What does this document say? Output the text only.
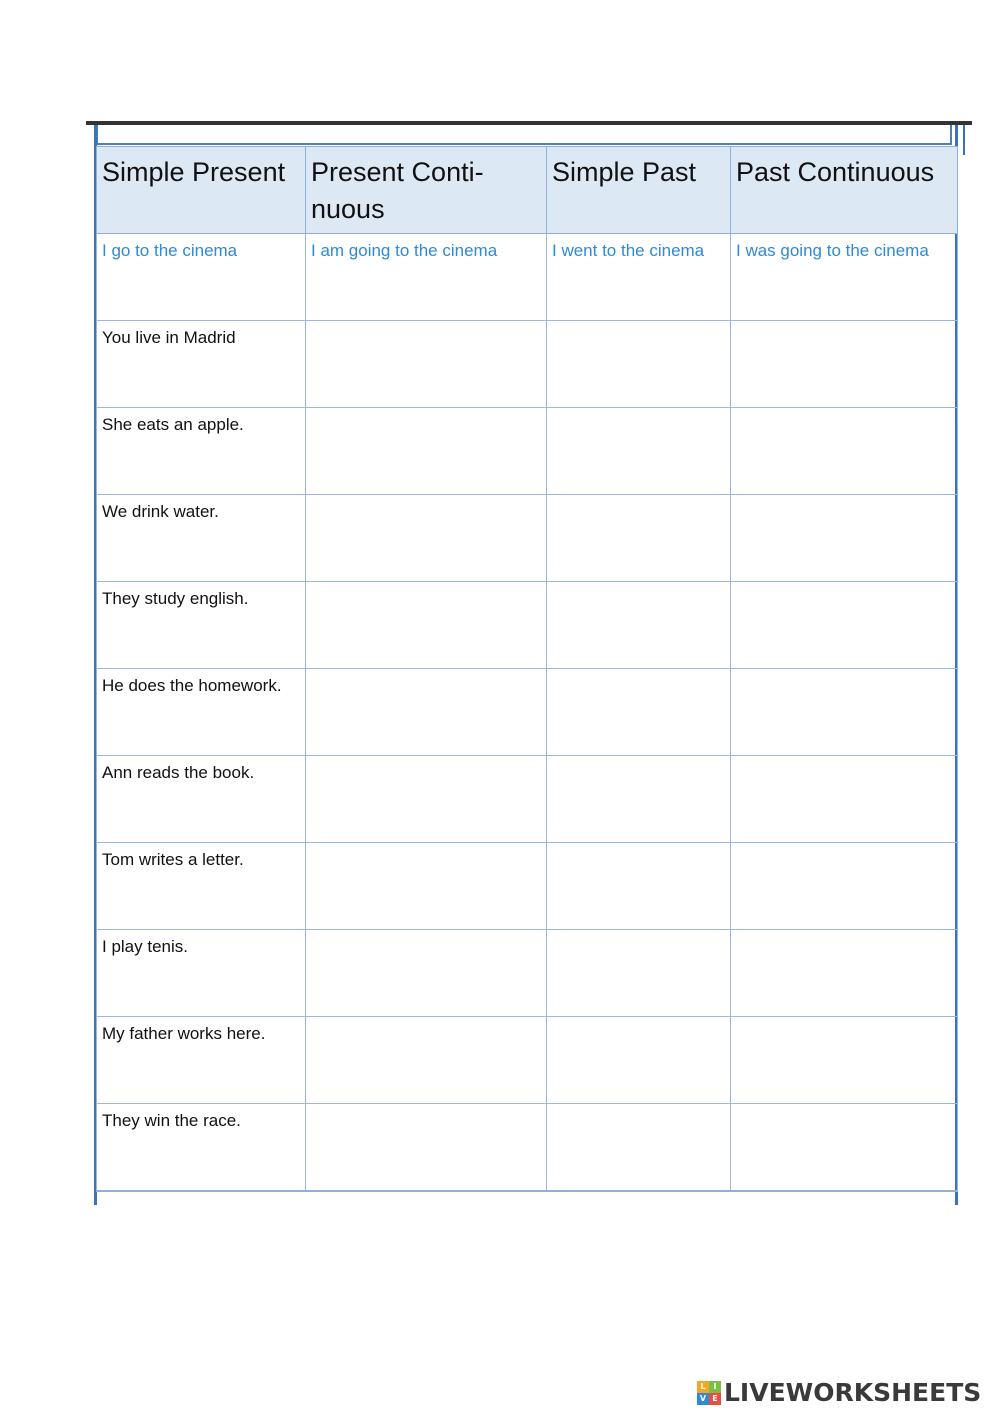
Simple Present	Present Conti-
nuous	Simple Past	Past Continuous
I go to the cinema	I am going to the cinema	I went to the cinema	I was going to the cinema
You live in Madrid			
She eats an apple.			
We drink water.			
They study english.			
He does the homework.			
Ann reads the book.			
Tom writes a letter.			
I play tenis.			
My father works here.			
They win the race.			
L I
V E LIVEWORKSHEETS
